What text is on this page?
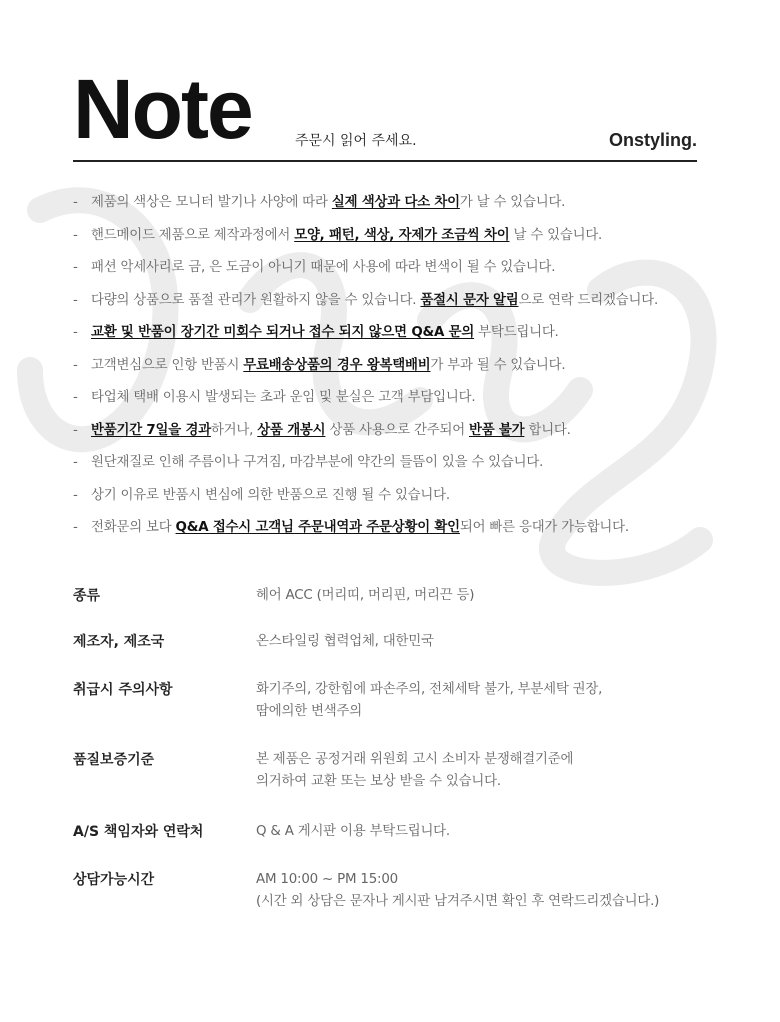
Note	주문시 읽어 주세요.	Onstyling.
- 제품의 색상은 모니터 발기나 사양에 따라 실제 색상과 다소 차이가 날 수 있습니다.
- 핸드메이드 제품으로 제작과정에서 모양, 패턴, 색상, 자제가 조금씩 차이 날 수 있습니다.
- 패션 악세사리로 금, 은 도금이 아니기 때문에 사용에 따라 변색이 될 수 있습니다.
- 다량의 상품으로 품절 관리가 원활하지 않을 수 있습니다. 품절시 문자 알림으로 연락 드리겠습니다.
- 교환 및 반품이 장기간 미회수 되거나 접수 되지 않으면 Q&A 문의 부탁드립니다.
- 고객변심으로 인항 반품시 무료배송상품의 경우 왕복택배비가 부과 될 수 있습니다.
- 타업체 택배 이용시 발생되는 초과 운임 및 분실은 고객 부담입니다.
- 반품기간 7일을 경과하거나, 상품 개봉시 상품 사용으로 간주되어 반품 불가 합니다.
- 원단재질로 인해 주름이나 구겨짐, 마감부분에 약간의 들뜸이 있을 수 있습니다.
- 상기 이유로 반품시 변심에 의한 반품으로 진행 될 수 있습니다.
- 전화문의 보다 Q&A 접수시 고객님 주문내역과 주문상황이 확인되어 빠른 응대가 가능합니다.
종류	헤어 ACC (머리띠, 머리핀, 머리끈 등)
제조자, 제조국	온스타일링 협력업체, 대한민국
취급시 주의사항	화기주의, 강한힘에 파손주의, 전체세탁 불가, 부분세탁 권장,
땀에의한 변색주의
품질보증기준	본 제품은 공정거래 위원회 고시 소비자 분쟁해결기준에
의거하여 교환 또는 보상 받을 수 있습니다.
A/S 책임자와 연락처	Q & A 게시판 이용 부탁드립니다.
상담가능시간	AM 10:00 ~ PM 15:00
(시간 외 상담은 문자나 게시판 남겨주시면 확인 후 연락드리겠습니다.)
